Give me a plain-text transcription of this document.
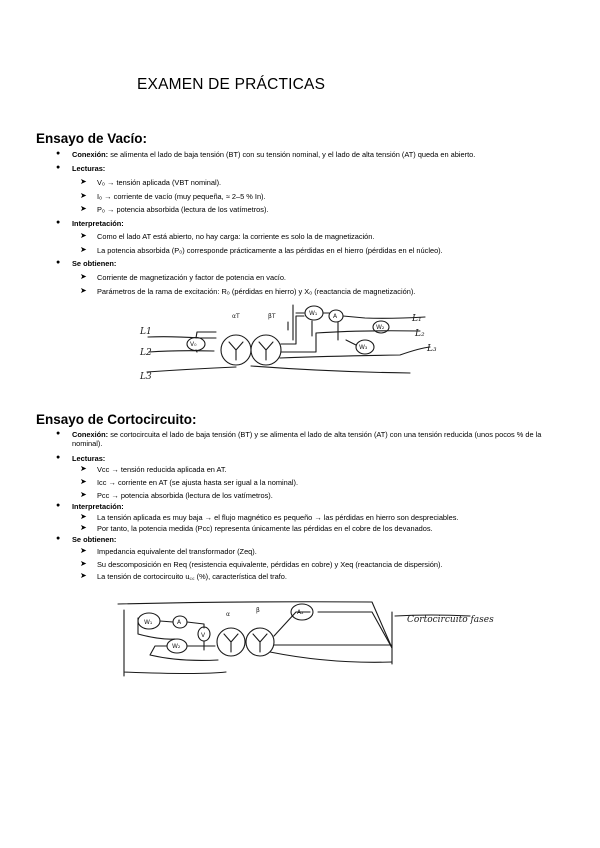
EXAMEN DE PRÁCTICAS
Ensayo de Vacío:
● Conexión: se alimenta el lado de baja tensión (BT) con su tensión nominal, y el lado de alta tensión (AT) queda en abierto.
● Lecturas:
➤ V₀ → tensión aplicada (VBT nominal).
➤ I₀ → corriente de vacío (muy pequeña, ≈ 2–5 % In).
➤ P₀ → potencia absorbida (lectura de los vatímetros).
● Interpretación:
➤ Como el lado AT está abierto, no hay carga: la corriente es solo la de magnetización.
➤ La potencia absorbida (P₀) corresponde prácticamente a las pérdidas en el hierro (pérdidas en el núcleo).
● Se obtienen:
➤ Corriente de magnetización y factor de potencia en vacío.
➤ Parámetros de la rama de excitación: R₀ (pérdidas en hierro) y X₀ (reactancia de magnetización).
Ensayo de Cortocircuito:
● Conexión: se cortocircuita el lado de baja tensión (BT) y se alimenta el lado de alta tensión (AT) con una tensión reducida (unos pocos % de la nominal).
● Lecturas:
➤ Vcc → tensión reducida aplicada en AT.
➤ Icc → corriente en AT (se ajusta hasta ser igual a la nominal).
➤ Pcc → potencia absorbida (lectura de los vatímetros).
● Interpretación:
➤ La tensión aplicada es muy baja → el flujo magnético es pequeño → las pérdidas en hierro son despreciables.
➤ Por tanto, la potencia medida (Pcc) representa únicamente las pérdidas en el cobre de los devanados.
● Se obtienen:
➤ Impedancia equivalente del transformador (Zeq).
➤ Su descomposición en Req (resistencia equivalente, pérdidas en cobre) y Xeq (reactancia de dispersión).
➤ La tensión de cortocircuito u꜀꜀ (%), característica del trafo.
L1
L2
L3
V₀
W₁	A
W₂
W₃
L₁
L₂
L₃
αT	βT
W₁	A
V
W₂
A₂
α
β
Cortocircuito fases
